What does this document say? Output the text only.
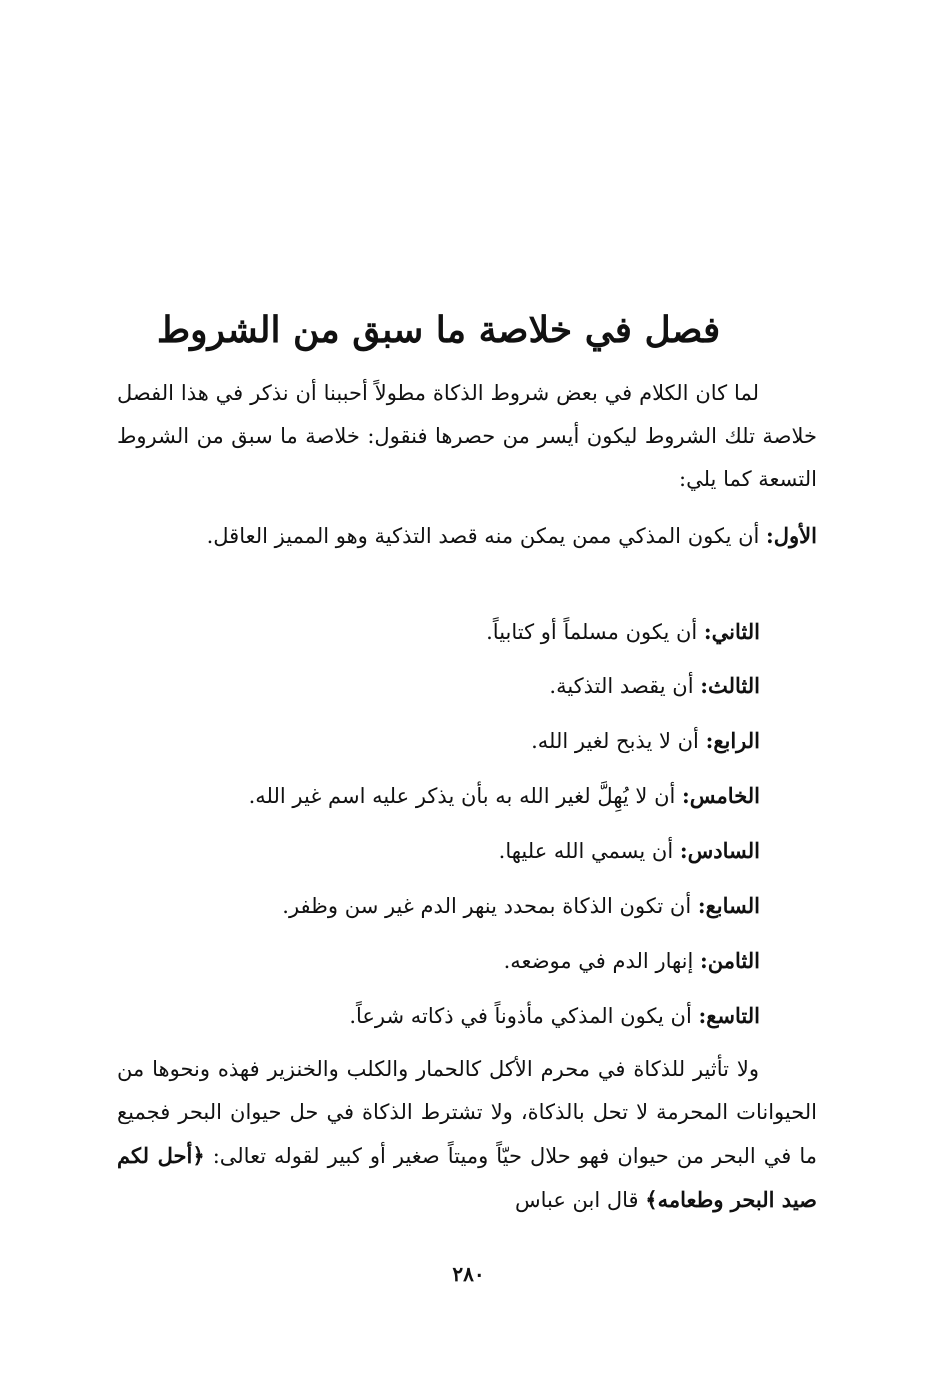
فصل في خلاصة ما سبق من الشروط
لما كان الكلام في بعض شروط الذكاة مطولاً أحببنا أن نذكر في هذا الفصل خلاصة تلك الشروط ليكون أيسر من حصرها فنقول: خلاصة ما سبق من الشروط التسعة كما يلي:
الأول: أن يكون المذكي ممن يمكن منه قصد التذكية وهو المميز العاقل.
الثاني: أن يكون مسلماً أو كتابياً.
الثالث: أن يقصد التذكية.
الرابع: أن لا يذبح لغير الله.
الخامس: أن لا يُهِلَّ لغير الله به بأن يذكر عليه اسم غير الله.
السادس: أن يسمي الله عليها.
السابع: أن تكون الذكاة بمحدد ينهر الدم غير سن وظفر.
الثامن: إنهار الدم في موضعه.
التاسع: أن يكون المذكي مأذوناً في ذكاته شرعاً.
ولا تأثير للذكاة في محرم الأكل كالحمار والكلب والخنزير فهذه ونحوها من الحيوانات المحرمة لا تحل بالذكاة، ولا تشترط الذكاة في حل حيوان البحر فجميع ما في البحر من حيوان فهو حلال حيّاً وميتاً صغير أو كبير لقوله تعالى: ﴿أحل لكم صيد البحر وطعامه﴾ قال ابن عباس
٢٨٠
